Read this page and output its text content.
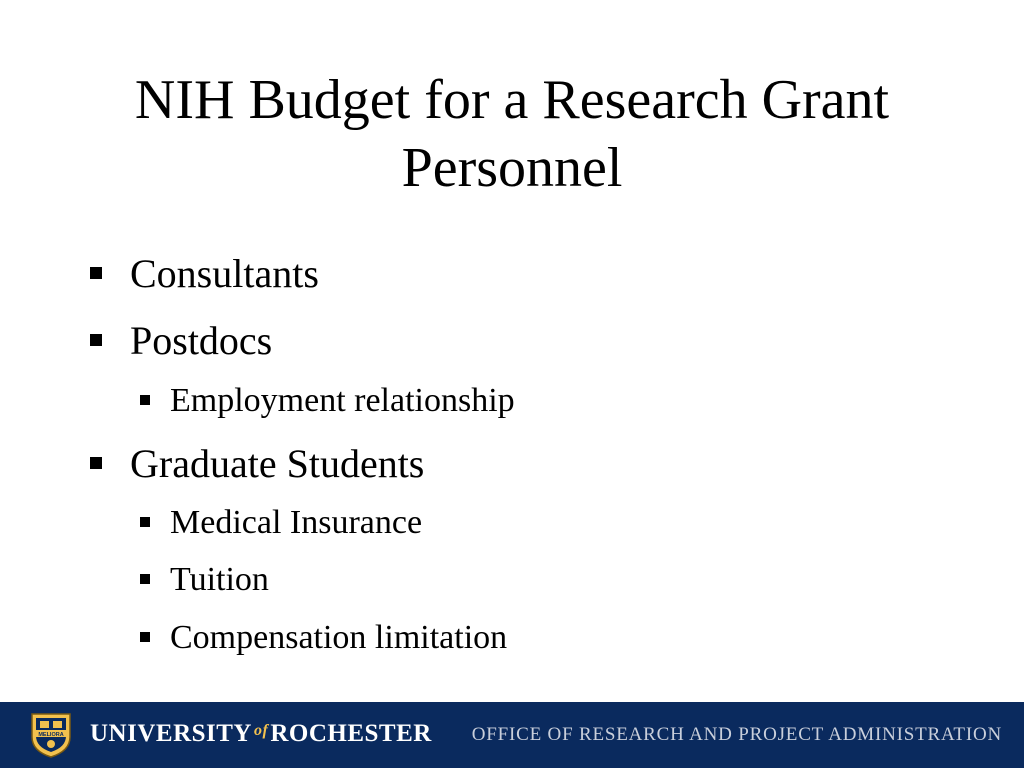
NIH Budget for a Research Grant
Personnel
Consultants
Postdocs
Employment relationship
Graduate Students
Medical Insurance
Tuition
Compensation limitation
MELIORA UNIVERSITY $^{of}$ROCHESTER OFFICE OF RESEARCH AND PROJECT ADMINISTRATION
